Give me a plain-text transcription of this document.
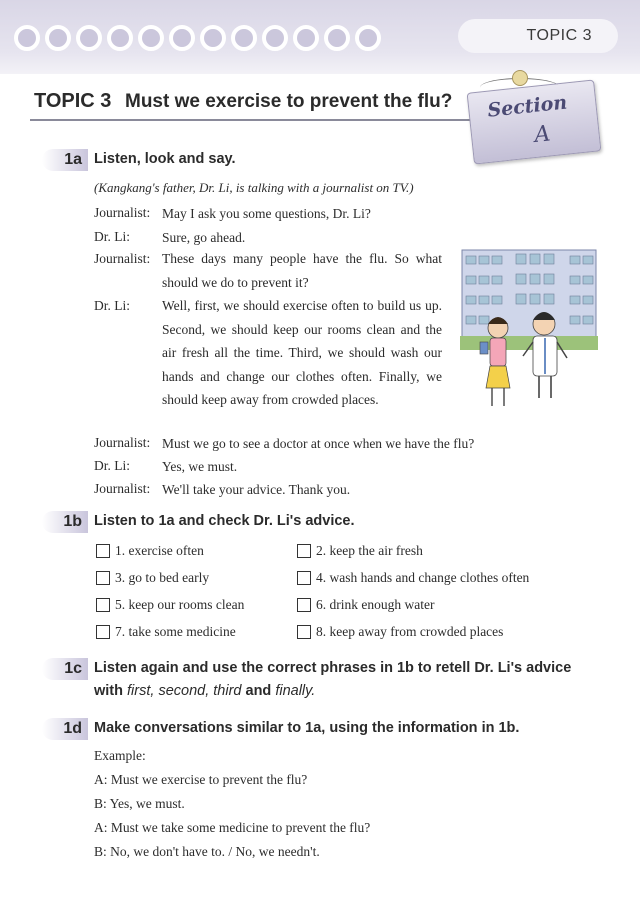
TOPIC 3
TOPIC 3 Must we exercise to prevent the flu? Section
A
1a Listen, look and say.
(Kangkang's father, Dr. Li, is talking with a journalist on TV.)
Journalist: May I ask you some questions, Dr. Li?
Dr. Li: Sure, go ahead.
Journalist: These days many people have the flu. So what should we do to prevent it?
Dr. Li: Well, first, we should exercise often to build us up. Second, we should keep our rooms clean and the air fresh all the time. Third, we should wash our hands and change our clothes often. Finally, we should keep away from crowded places.
Journalist: Must we go to see a doctor at once when we have the flu?
Dr. Li: Yes, we must.
Journalist: We'll take your advice. Thank you.
1b Listen to 1a and check Dr. Li's advice.
1. exercise often	2. keep the air fresh
3. go to bed early	4. wash hands and change clothes often
5. keep our rooms clean	6. drink enough water
7. take some medicine	8. keep away from crowded places
1c Listen again and use the correct phrases in 1b to retell Dr. Li's advice
with first, second, third and finally.
1d Make conversations similar to 1a, using the information in 1b.
Example:
A: Must we exercise to prevent the flu?
B: Yes, we must.
A: Must we take some medicine to prevent the flu?
B: No, we don't have to. / No, we needn't.
